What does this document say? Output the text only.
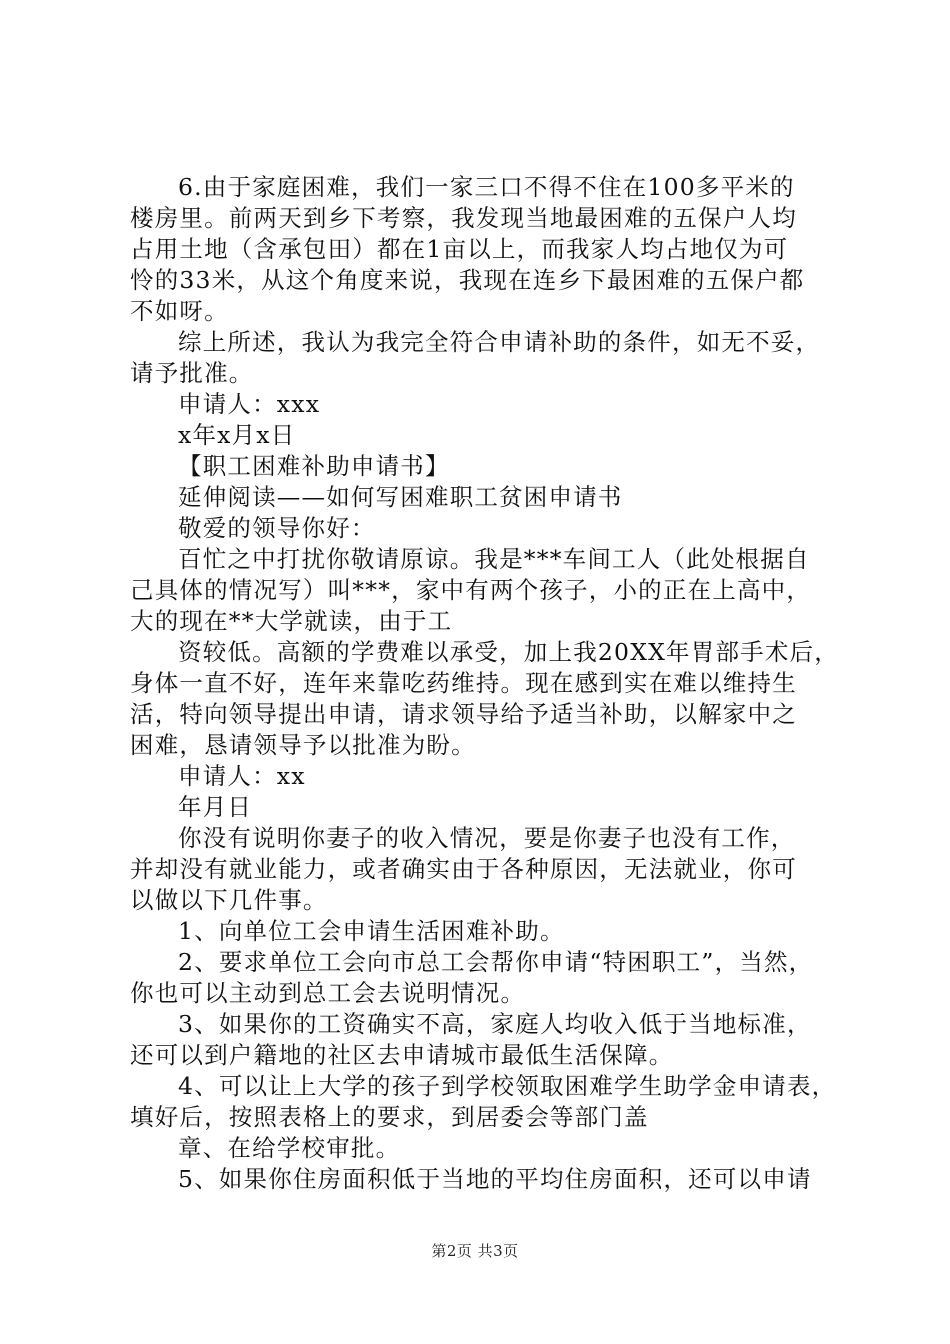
6.由于家庭困难，我们一家三口不得不住在100多平米的
楼房里。前两天到乡下考察，我发现当地最困难的五保户人均
占用土地（含承包田）都在1亩以上，而我家人均占地仅为可
怜的33米，从这个角度来说，我现在连乡下最困难的五保户都
不如呀。
综上所述，我认为我完全符合申请补助的条件，如无不妥，
请予批准。
申请人：xxx
x年x月x日
【职工困难补助申请书】
延伸阅读——如何写困难职工贫困申请书
敬爱的领导你好：
百忙之中打扰你敬请原谅。我是***车间工人（此处根据自
己具体的情况写）叫***，家中有两个孩子，小的正在上高中，
大的现在**大学就读，由于工
资较低。高额的学费难以承受，加上我20XX年胃部手术后，
身体一直不好，连年来靠吃药维持。现在感到实在难以维持生
活，特向领导提出申请，请求领导给予适当补助，以解家中之
困难，恳请领导予以批准为盼。
申请人：xx
年月日
你没有说明你妻子的收入情况，要是你妻子也没有工作，
并却没有就业能力，或者确实由于各种原因，无法就业，你可
以做以下几件事。
1、向单位工会申请生活困难补助。
2、要求单位工会向市总工会帮你申请“特困职工”，当然，
你也可以主动到总工会去说明情况。
3、如果你的工资确实不高，家庭人均收入低于当地标准，
还可以到户籍地的社区去申请城市最低生活保障。
4、可以让上大学的孩子到学校领取困难学生助学金申请表，
填好后，按照表格上的要求，到居委会等部门盖
章、在给学校审批。
5、如果你住房面积低于当地的平均住房面积，还可以申请
第2页 共3页
